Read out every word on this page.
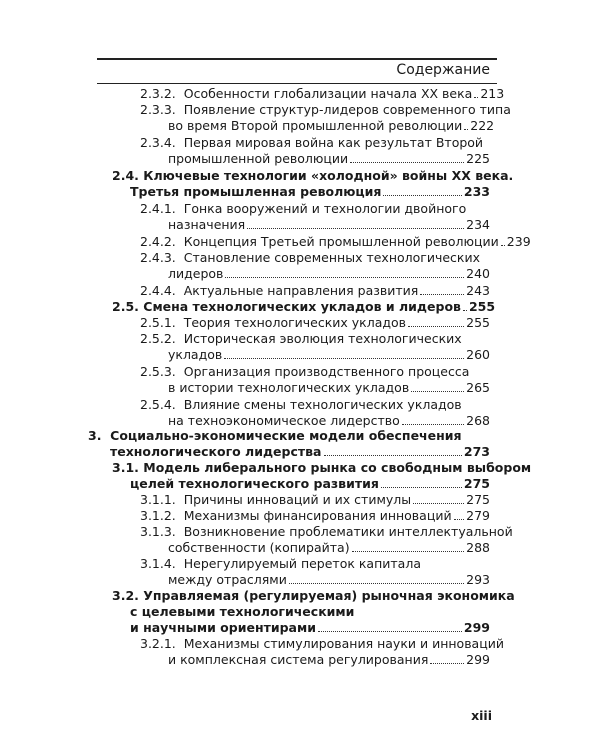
Содержание
2.3.2. Особенности глобализации начала XX века 213
2.3.3. Появление структур-лидеров современного типа
во время Второй промышленной революции 222
2.3.4. Первая мировая война как результат Второй
промышленной революции	225
2.4. Ключевые технологии «холодной» войны XX века.
Третья промышленная революция	233
2.4.1. Гонка вооружений и технологии двойного
назначения	234
2.4.2. Концепция Третьей промышленной революции 239
2.4.3. Становление современных технологических
лидеров	240
2.4.4. Актуальные направления развития	243
2.5. Смена технологических укладов и лидеров 255
2.5.1. Теория технологических укладов	255
2.5.2. Историческая эволюция технологических
укладов	260
2.5.3. Организация производственного процесса
в истории технологических укладов	265
2.5.4. Влияние смены технологических укладов
на техноэкономическое лидерство	268
3. Социально-экономические модели обеспечения
технологического лидерства	273
3.1. Модель либерального рынка со свободным выбором
целей технологического развития	275
3.1.1. Причины инноваций и их стимулы	275
3.1.2. Механизмы финансирования инноваций 279
3.1.3. Возникновение проблематики интеллектуальной
собственности (копирайта)	288
3.1.4. Нерегулируемый переток капитала
между отраслями	293
3.2. Управляемая (регулируемая) рыночная экономика
с целевыми технологическими
и научными ориентирами	299
3.2.1. Механизмы стимулирования науки и инноваций
и комплексная система регулирования	299
xiii
